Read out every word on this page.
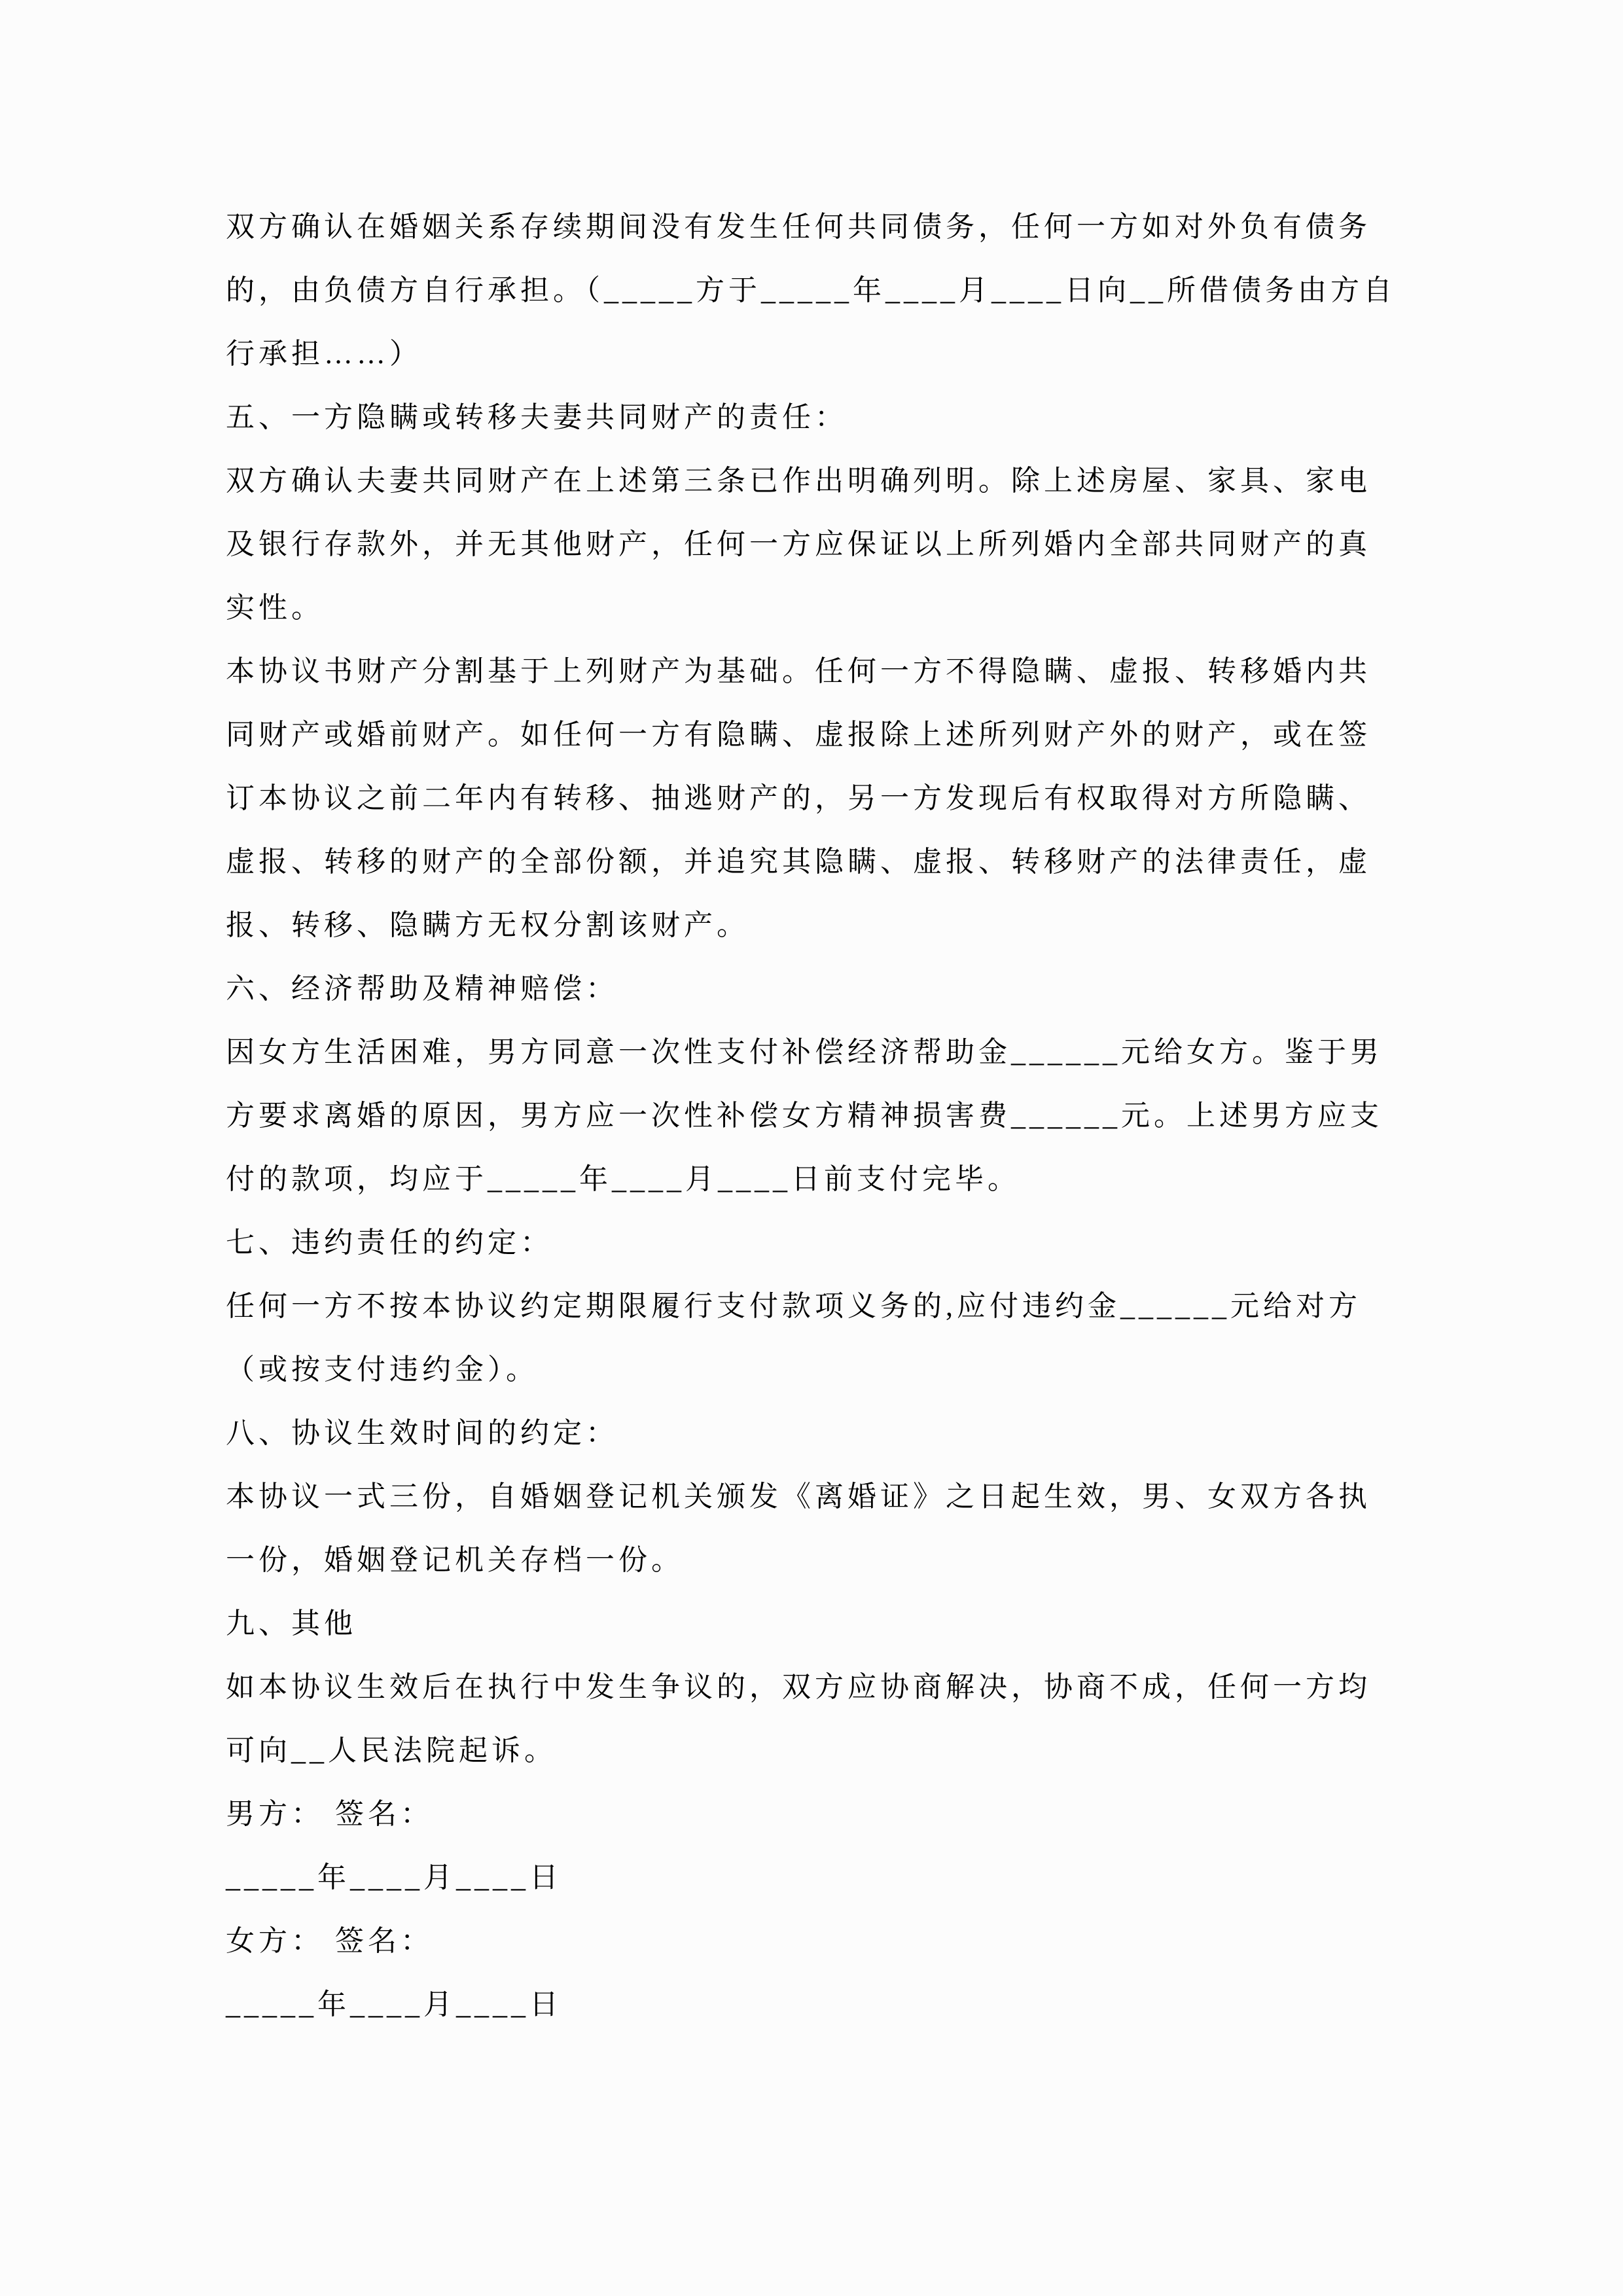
双方确认在婚姻关系存续期间没有发生任何共同债务，任何一方如对外负有债务
的，由负债方自行承担。（_____方于_____年____月____日向__所借债务由方自
行承担……）
五、一方隐瞒或转移夫妻共同财产的责任：
双方确认夫妻共同财产在上述第三条已作出明确列明。除上述房屋、家具、家电
及银行存款外，并无其他财产，任何一方应保证以上所列婚内全部共同财产的真
实性。
本协议书财产分割基于上列财产为基础。任何一方不得隐瞒、虚报、转移婚内共
同财产或婚前财产。如任何一方有隐瞒、虚报除上述所列财产外的财产，或在签
订本协议之前二年内有转移、抽逃财产的，另一方发现后有权取得对方所隐瞒、
虚报、转移的财产的全部份额，并追究其隐瞒、虚报、转移财产的法律责任，虚
报、转移、隐瞒方无权分割该财产。
六、经济帮助及精神赔偿：
因女方生活困难，男方同意一次性支付补偿经济帮助金______元给女方。鉴于男
方要求离婚的原因，男方应一次性补偿女方精神损害费______元。上述男方应支
付的款项，均应于_____年____月____日前支付完毕。
七、违约责任的约定：
任何一方不按本协议约定期限履行支付款项义务的,应付违约金______元给对方
（或按支付违约金）。
八、协议生效时间的约定：
本协议一式三份，自婚姻登记机关颁发《离婚证》之日起生效，男、女双方各执
一份，婚姻登记机关存档一份。
九、其他
如本协议生效后在执行中发生争议的，双方应协商解决，协商不成，任何一方均
可向__人民法院起诉。
男方： 签名：
_____年____月____日
女方： 签名：
_____年____月____日
